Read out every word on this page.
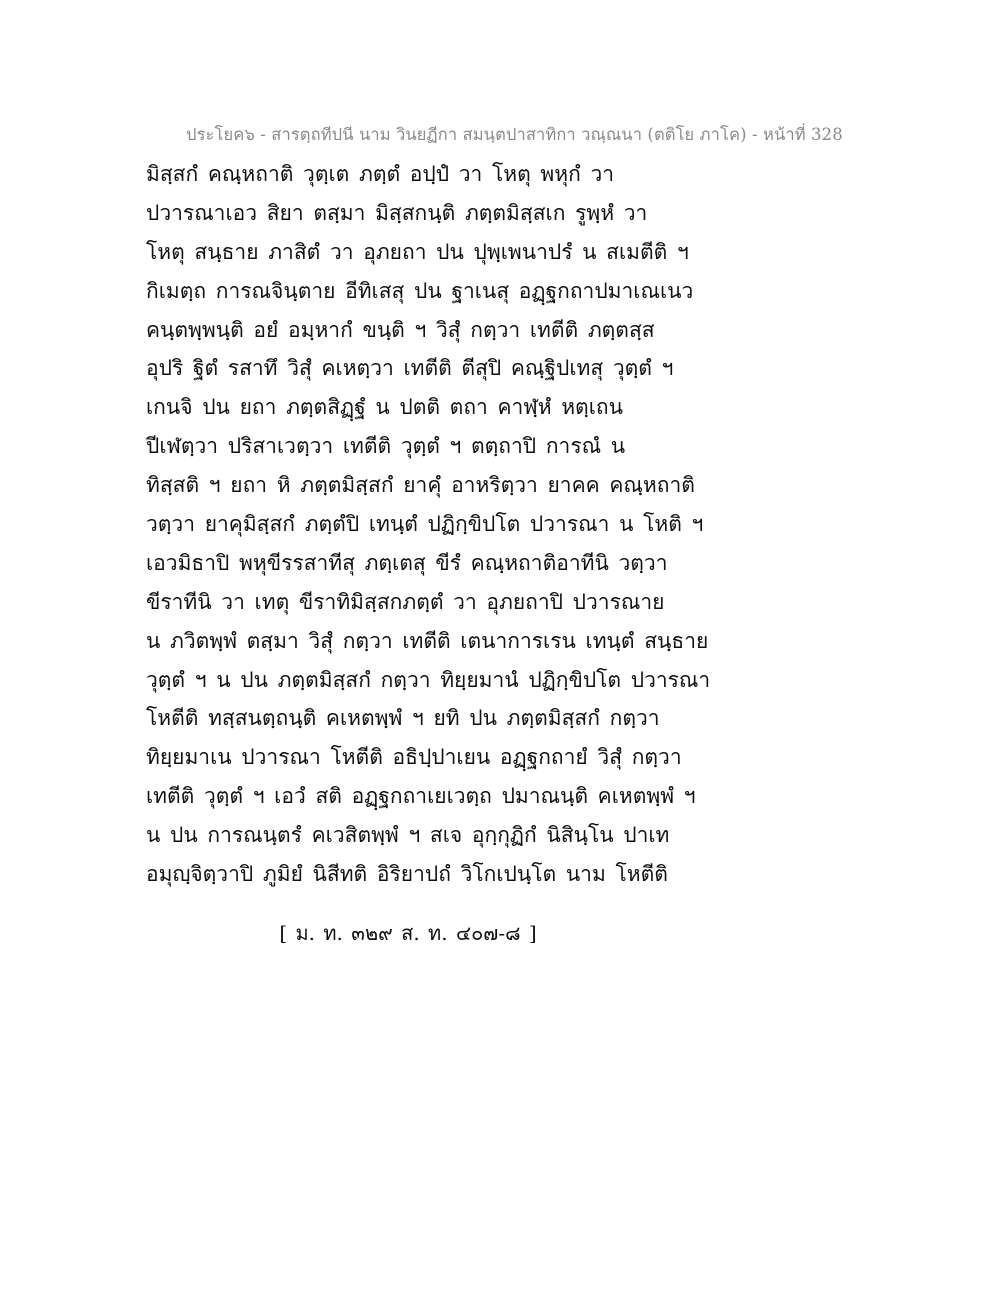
ประโยค๖ - สารตฺถทีปนี นาม วินยฏีกา สมนฺตปาสาทิกา วณฺณนา (ตติโย ภาโค) - หน้าที่ 328
มิสฺสกํ คณฺหถาติ วุตฺเต ภตฺตํ อปฺปํ วา โหตุ พหุกํ วา
ปวารณาเอว สิยา ตสฺมา มิสฺสกนฺติ ภตฺตมิสฺสเก รูพฺหํ วา
โหตุ สนฺธาย ภาสิตํ วา อุภยถา ปน ปุพฺเพนาปรํ น สเมตีติ ฯ
กิเมตฺถ การณจินฺตาย อีทิเสสุ ปน ฐาเนสุ อฏฺฐกถาปมาเณเนว
คนฺตพฺพนฺติ อยํ อมฺหากํ ขนฺติ ฯ วิสุํ กตฺวา เทตีติ ภตฺตสฺส
อุปริ ฐิตํ รสาทึ วิสุํ คเหตฺวา เทตีติ ตีสุปิ คณฺฐิปเทสุ วุตฺตํ ฯ
เกนจิ ปน ยถา ภตฺตสิฏฺฐํ น ปตติ ตถา คาฬฺหํ หตฺเถน
ปีเฬตฺวา ปริสาเวตฺวา เทตีติ วุตฺตํ ฯ ตตฺถาปิ การณํ น
ทิสฺสติ ฯ ยถา หิ ภตฺตมิสฺสกํ ยาคุํ อาหริตฺวา ยาคค คณฺหถาติ
วตฺวา ยาคุมิสฺสกํ ภตฺตํปิ เทนฺตํ ปฏิกฺขิปโต ปวารณา น โหติ ฯ
เอวมิธาปิ พหุขีรรสาทีสุ ภตฺเตสุ ขีรํ คณฺหถาติอาทีนิ วตฺวา
ขีราทีนิ วา เทตุ ขีราทิมิสฺสกภตฺตํ วา อุภยถาปิ ปวารณาย
น ภวิตพฺพํ ตสฺมา วิสุํ กตฺวา เทตีติ เตนาการเรน เทนฺตํ สนฺธาย
วุตฺตํ ฯ น ปน ภตฺตมิสฺสกํ กตฺวา ทิยฺยมานํ ปฏิกฺขิปโต ปวารณา
โหตีติ ทสฺสนตฺถนฺติ คเหตพฺพํ ฯ ยทิ ปน ภตฺตมิสฺสกํ กตฺวา
ทิยฺยมาเน ปวารณา โหตีติ อธิปฺปาเยน อฏฺฐกถายํ วิสุํ กตฺวา
เทตีติ วุตฺตํ ฯ เอวํ สติ อฏฺฐกถาเยเวตฺถ ปมาณนฺติ คเหตพฺพํ ฯ
น ปน การณนฺตรํ คเวสิตพฺพํ ฯ สเจ อุกฺกุฏิกํ นิสินฺโน ปาเท
อมุญฺจิตฺวาปิ ภูมิยํ นิสีทติ อิริยาปถํ วิโกเปนฺโต นาม โหตีติ
[ ม. ท. ๓๒๙ ส. ท. ๔๐๗-๘ ]
